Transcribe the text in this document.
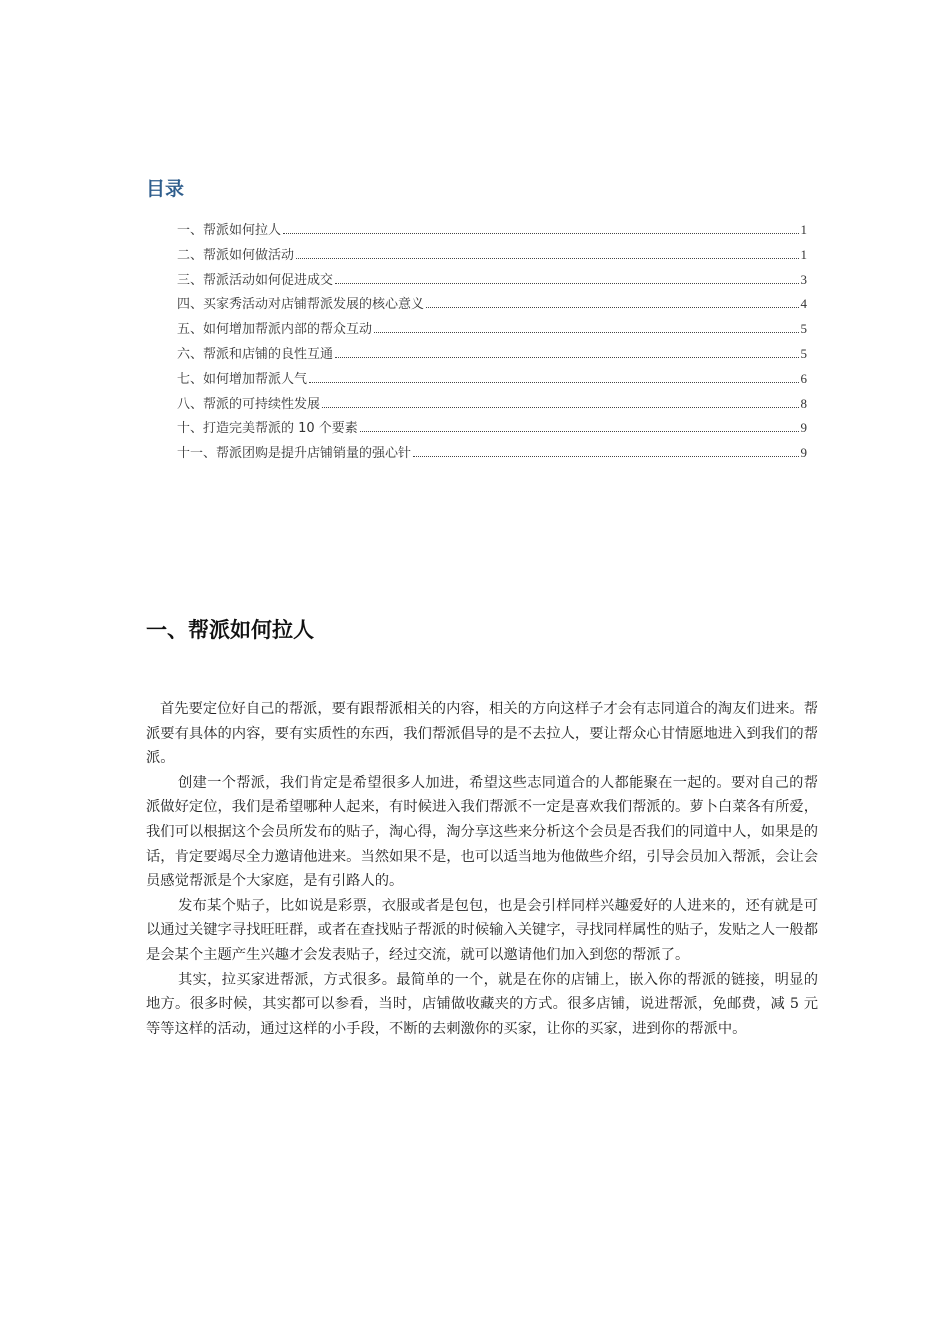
目录
一、帮派如何拉人	1
二、帮派如何做活动	1
三、帮派活动如何促进成交	3
四、买家秀活动对店铺帮派发展的核心意义	4
五、如何增加帮派内部的帮众互动	5
六、帮派和店铺的良性互通	5
七、如何增加帮派人气	6
八、帮派的可持续性发展	8
十、打造完美帮派的 10 个要素	9
十一、帮派团购是提升店铺销量的强心针	9
一、帮派如何拉人

首先要定位好自己的帮派，要有跟帮派相关的内容，相关的方向这样子才会有志同道合的淘友们进来。帮派要有具体的内容，要有实质性的东西，我们帮派倡导的是不去拉人，要让帮众心甘情愿地进入到我们的帮派。

创建一个帮派，我们肯定是希望很多人加进，希望这些志同道合的人都能聚在一起的。要对自己的帮派做好定位，我们是希望哪种人起来，有时候进入我们帮派不一定是喜欢我们帮派的。萝卜白菜各有所爱，我们可以根据这个会员所发布的贴子，淘心得，淘分享这些来分析这个会员是否我们的同道中人，如果是的话，肯定要竭尽全力邀请他进来。当然如果不是，也可以适当地为他做些介绍，引导会员加入帮派，会让会员感觉帮派是个大家庭，是有引路人的。

发布某个贴子，比如说是彩票，衣服或者是包包，也是会引样同样兴趣爱好的人进来的，还有就是可以通过关键字寻找旺旺群，或者在查找贴子帮派的时候输入关键字，寻找同样属性的贴子，发贴之人一般都是会某个主题产生兴趣才会发表贴子，经过交流，就可以邀请他们加入到您的帮派了。

其实，拉买家进帮派，方式很多。最简单的一个，就是在你的店铺上，嵌入你的帮派的链接，明显的地方。很多时候，其实都可以参看，当时，店铺做收藏夹的方式。很多店铺，说进帮派，免邮费，减 5 元等等这样的活动，通过这样的小手段，不断的去刺激你的买家，让你的买家，进到你的帮派中。
